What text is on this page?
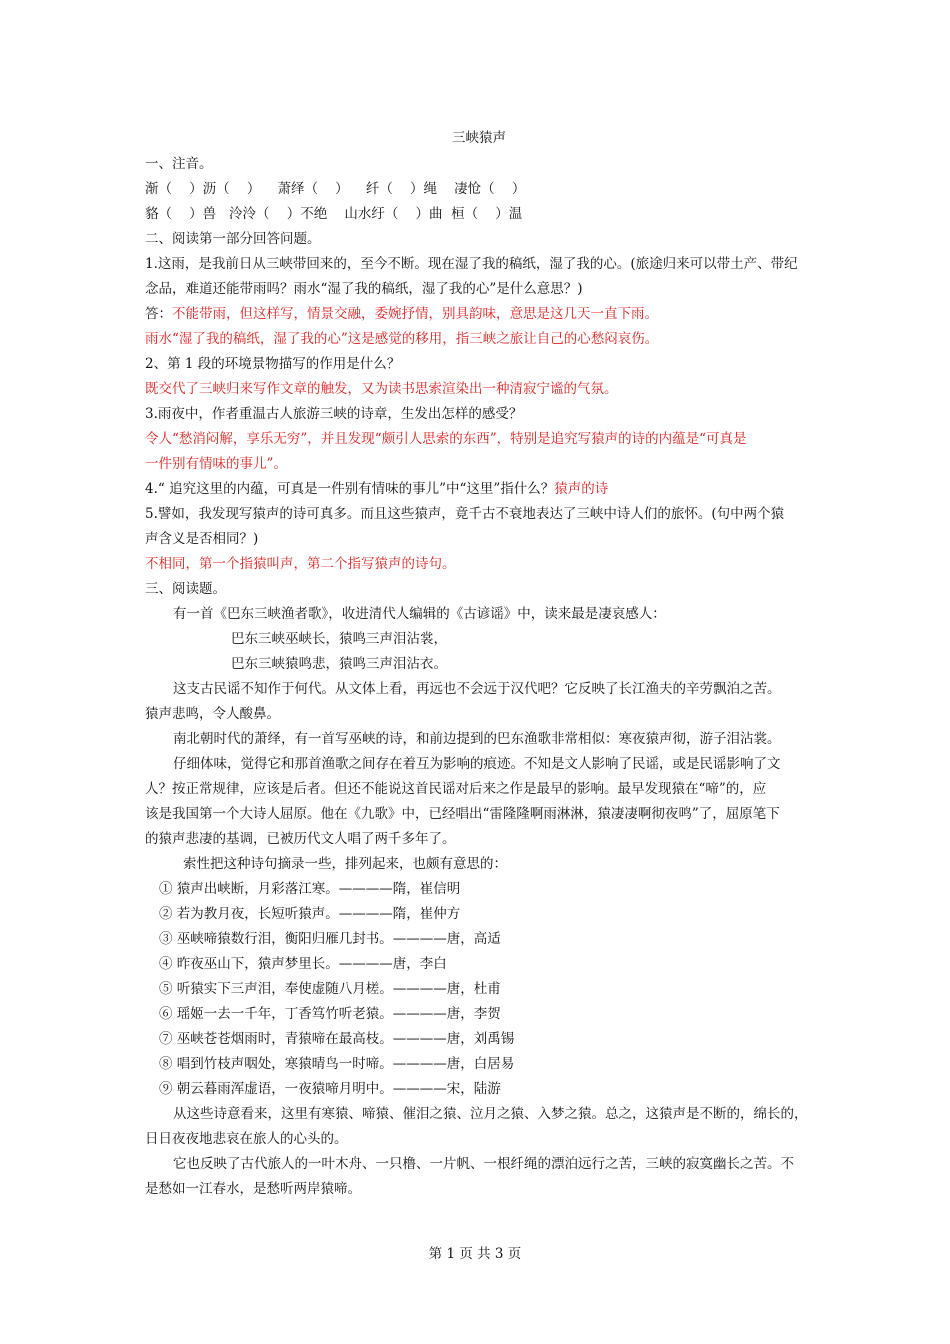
三峡猿声
一、注音。
渐（    ）沥（    ）    萧绎（    ）    纤（    ）绳    凄怆（    ）
貉（    ）兽   泠泠（    ）不绝    山水纡（    ）曲  桓（    ）温
二、阅读第一部分回答问题。
1.这雨，是我前日从三峡带回来的，至今不断。现在湿了我的稿纸，湿了我的心。(旅途归来可以带土产、带纪
念品，难道还能带雨吗？雨水“湿了我的稿纸，湿了我的心”是什么意思？)
答：不能带雨，但这样写，情景交融，委婉抒情，别具韵味，意思是这几天一直下雨。
雨水“湿了我的稿纸，湿了我的心”这是感觉的移用，指三峡之旅让自己的心愁闷哀伤。
2、第 1 段的环境景物描写的作用是什么？
既交代了三峡归来写作文章的触发，又为读书思索渲染出一种清寂宁谧的气氛。
3.雨夜中，作者重温古人旅游三峡的诗章，生发出怎样的感受？
令人“愁消闷解，享乐无穷”，并且发现“颇引人思索的东西”，特别是追究写猿声的诗的内蕴是“可真是
一件别有情味的事儿”。
4.“ 追究这里的内蕴，可真是一件别有情味的事儿”中“这里”指什么？猿声的诗
5.譬如，我发现写猿声的诗可真多。而且这些猿声，竟千古不衰地表达了三峡中诗人们的旅怀。(句中两个猿
声含义是否相同？)
不相同，第一个指猿叫声，第二个指写猿声的诗句。
三、阅读题。
有一首《巴东三峡渔者歌》，收进清代人编辑的《古谚谣》中，读来最是凄哀感人：
巴东三峡巫峡长，猿鸣三声泪沾裳，
巴东三峡猿鸣悲，猿鸣三声泪沾衣。
这支古民谣不知作于何代。从文体上看，再远也不会远于汉代吧？它反映了长江渔夫的辛劳飘泊之苦。
猿声悲鸣，令人酸鼻。
南北朝时代的萧绎，有一首写巫峡的诗，和前边提到的巴东渔歌非常相似：寒夜猿声彻，游子泪沾裳。
仔细体味，觉得它和那首渔歌之间存在着互为影响的痕迹。不知是文人影响了民谣，或是民谣影响了文
人？按正常规律，应该是后者。但还不能说这首民谣对后来之作是最早的影响。最早发现猿在“啼”的，应
该是我国第一个大诗人屈原。他在《九歌》中，已经唱出“雷隆隆啊雨淋淋，猿凄凄啊彻夜鸣”了，屈原笔下
的猿声悲凄的基调，已被历代文人唱了两千多年了。
索性把这种诗句摘录一些，排列起来，也颇有意思的：
① 猿声出峡断，月彩落江寒。————隋，崔信明
② 若为教月夜，长短听猿声。————隋，崔仲方
③ 巫峡啼猿数行泪，衡阳归雁几封书。————唐，高适
④ 昨夜巫山下，猿声梦里长。————唐，李白
⑤ 听猿实下三声泪，奉使虚随八月槎。————唐，杜甫
⑥ 瑶姬一去一千年，丁香笃竹听老猿。————唐，李贺
⑦ 巫峡苍苍烟雨时，青猿啼在最高枝。————唐，刘禹锡
⑧ 唱到竹枝声咽处，寒猿晴鸟一时啼。————唐，白居易
⑨ 朝云暮雨浑虚语，一夜猿啼月明中。————宋，陆游
从这些诗意看来，这里有寒猿、啼猿、催泪之猿、泣月之猿、入梦之猿。总之，这猿声是不断的，绵长的，
日日夜夜地悲哀在旅人的心头的。
它也反映了古代旅人的一叶木舟、一只橹、一片帆、一根纤绳的漂泊远行之苦，三峡的寂寞幽长之苦。不
是愁如一江春水，是愁听两岸猿啼。
第 1 页 共 3 页
